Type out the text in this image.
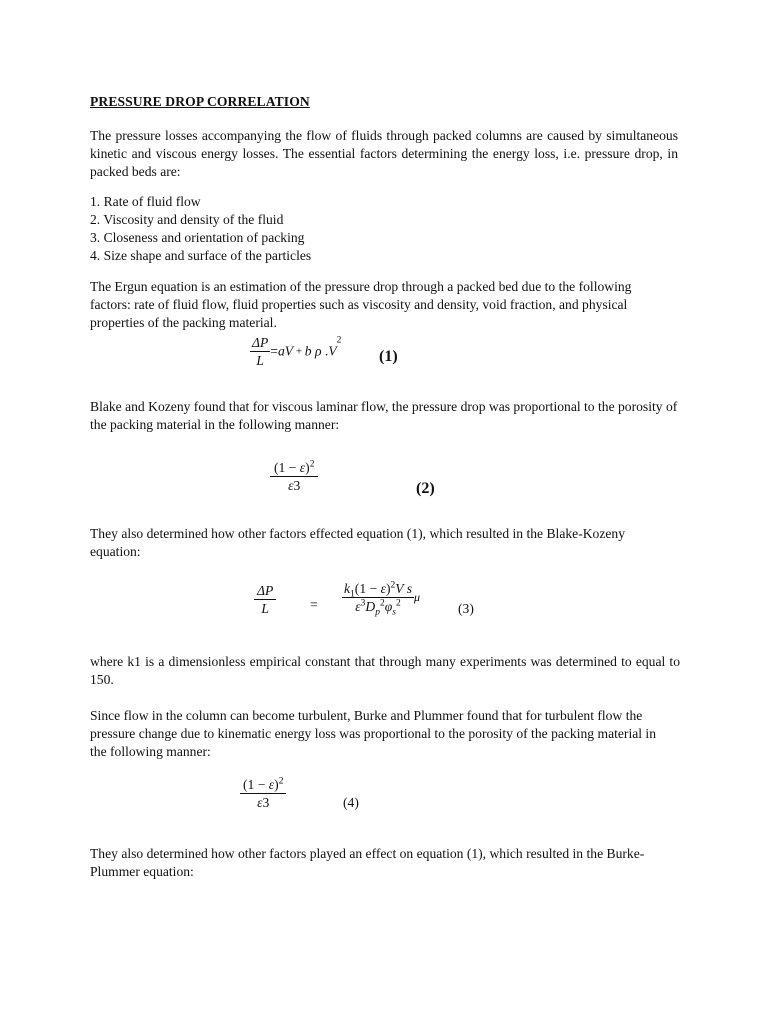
PRESSURE DROP CORRELATION
The pressure losses accompanying the flow of fluids through packed columns are caused by simultaneous kinetic and viscous energy losses. The essential factors determining the energy loss, i.e. pressure drop, in packed beds are:
1. Rate of fluid flow
2. Viscosity and density of the fluid
3. Closeness and orientation of packing
4. Size shape and surface of the particles
The Ergun equation is an estimation of the pressure drop through a packed bed due to the following factors: rate of fluid flow, fluid properties such as viscosity and density, void fraction, and physical properties of the packing material.
$\frac{\Delta P}{L} =aV + b$ ρ $.V^2$
(1)
Blake and Kozeny found that for viscous laminar flow, the pressure drop was proportional to the porosity of the packing material in the following manner:
$\frac{(1 - \varepsilon)^2}{\varepsilon 3}$	(2)
They also determined how other factors effected equation (1), which resulted in the Blake-Kozeny equation:
$\frac{\Delta P}{L} = \frac{k_1(1 - \varepsilon)^2V s}{\varepsilon^3D_p^2\varphi_s^2}$ μ
(3)
where k1 is a dimensionless empirical constant that through many experiments was determined to equal to 150.
Since flow in the column can become turbulent, Burke and Plummer found that for turbulent flow the pressure change due to kinematic energy loss was proportional to the porosity of the packing material in the following manner:
$\frac{(1 - \varepsilon)^2}{\varepsilon 3}$	(4)
They also determined how other factors played an effect on equation (1), which resulted in the Burke-Plummer equation:
